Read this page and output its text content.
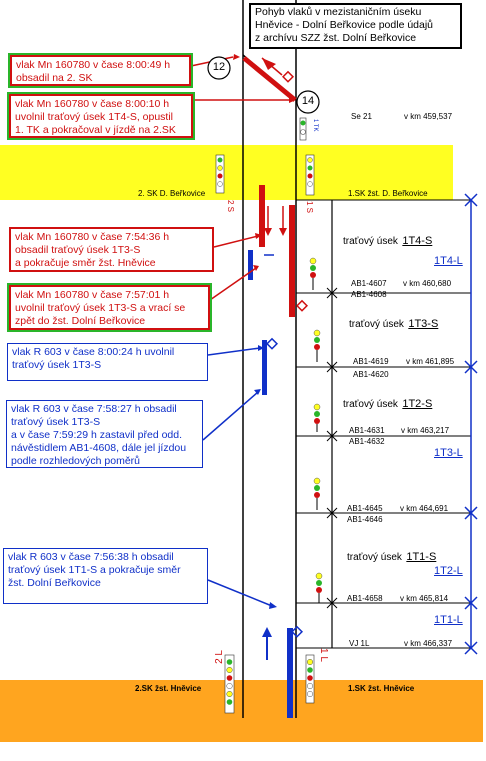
Pohyb vlaků v mezistaničním úseku
Hněvice - Dolní Beřkovice podle údajů
z archívu SZZ žst. Dolní Beřkovice
12
14
2. SK D. Beřkovice	1.SK žst. D. Beřkovice
2.SK žst. Hněvice	1.SK žst. Hněvice
2 S	1 S
2 L	1 L
1 TK
Se 21	v km 459,537
traťový úsek 1T4-S
traťový úsek 1T3-S
traťový úsek 1T2-S
traťový úsek 1T1-S
1T4-L
1T3-L
1T2-L
1T1-L
AB1-4607
AB1-4608
v km 460,680
AB1-4619
AB1-4620
v km 461,895
AB1-4631
AB1-4632
v km 463,217
AB1-4645
AB1-4646
v km 464,691
AB1-4658 v km 465,814
VJ 1L	v km 466,337
vlak Mn 160780 v čase 8:00:49 h
obsadil na 2. SK
vlak Mn 160780 v čase 8:00:10 h
uvolnil traťový úsek 1T4-S, opustil
1. TK a pokračoval v jízdě na 2.SK
vlak Mn 160780 v čase 7:54:36 h
obsadil traťový úsek 1T3-S
a pokračuje směr žst. Hněvice
vlak Mn 160780 v čase 7:57:01 h
uvolnil traťový úsek 1T3-S a vrací se
zpět do žst. Dolní Beřkovice
vlak R 603 v čase 8:00:24 h uvolnil
traťový úsek 1T3-S
vlak R 603 v čase 7:58:27 h obsadil
traťový úsek 1T3-S
a v čase 7:59:29 h zastavil před odd.
návěstidlem AB1-4608, dále jel jízdou
podle rozhledových poměrů
vlak R 603 v čase 7:56:38 h obsadil
traťový úsek 1T1-S a pokračuje směr
žst. Dolní Beřkovice
